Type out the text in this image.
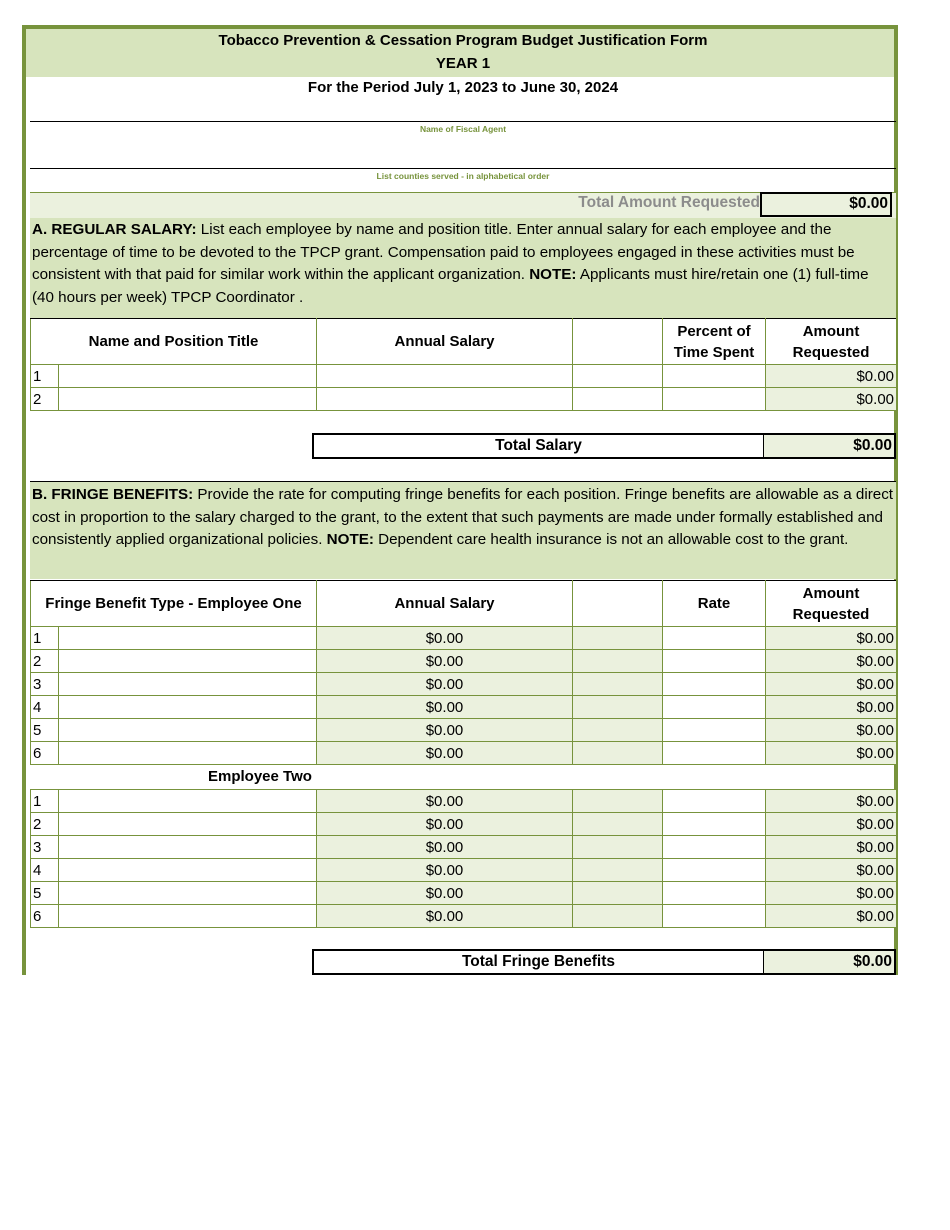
Tobacco Prevention & Cessation Program Budget Justification Form
YEAR 1
For the Period July 1, 2023 to June 30, 2024
Name of Fiscal Agent
List counties served - in alphabetical order
Total Amount Requested	$0.00
A. REGULAR SALARY: List each employee by name and position title. Enter annual salary for each employee and the percentage of time to be devoted to the TPCP grant. Compensation paid to employees engaged in these activities must be consistent with that paid for similar work within the applicant organization. NOTE: Applicants must hire/retain one (1) full-time (40 hours per week) TPCP Coordinator .
Name and Position Title		Annual Salary		Percent of Time Spent	Amount Requested
1					$0.00
2					$0.00
Total Salary	$0.00
B. FRINGE BENEFITS: Provide the rate for computing fringe benefits for each position. Fringe benefits are allowable as a direct cost in proportion to the salary charged to the grant, to the extent that such payments are made under formally established and consistently applied organizational policies. NOTE: Dependent care health insurance is not an allowable cost to the grant.
Fringe Benefit Type - Employee One		Annual Salary		Rate	Amount Requested
1		$0.00			$0.00
2		$0.00			$0.00
3		$0.00			$0.00
4		$0.00			$0.00
5		$0.00			$0.00
6		$0.00			$0.00
Employee Two
1		$0.00			$0.00
2		$0.00			$0.00
3		$0.00			$0.00
4		$0.00			$0.00
5		$0.00			$0.00
6		$0.00			$0.00
Total Fringe Benefits	$0.00
